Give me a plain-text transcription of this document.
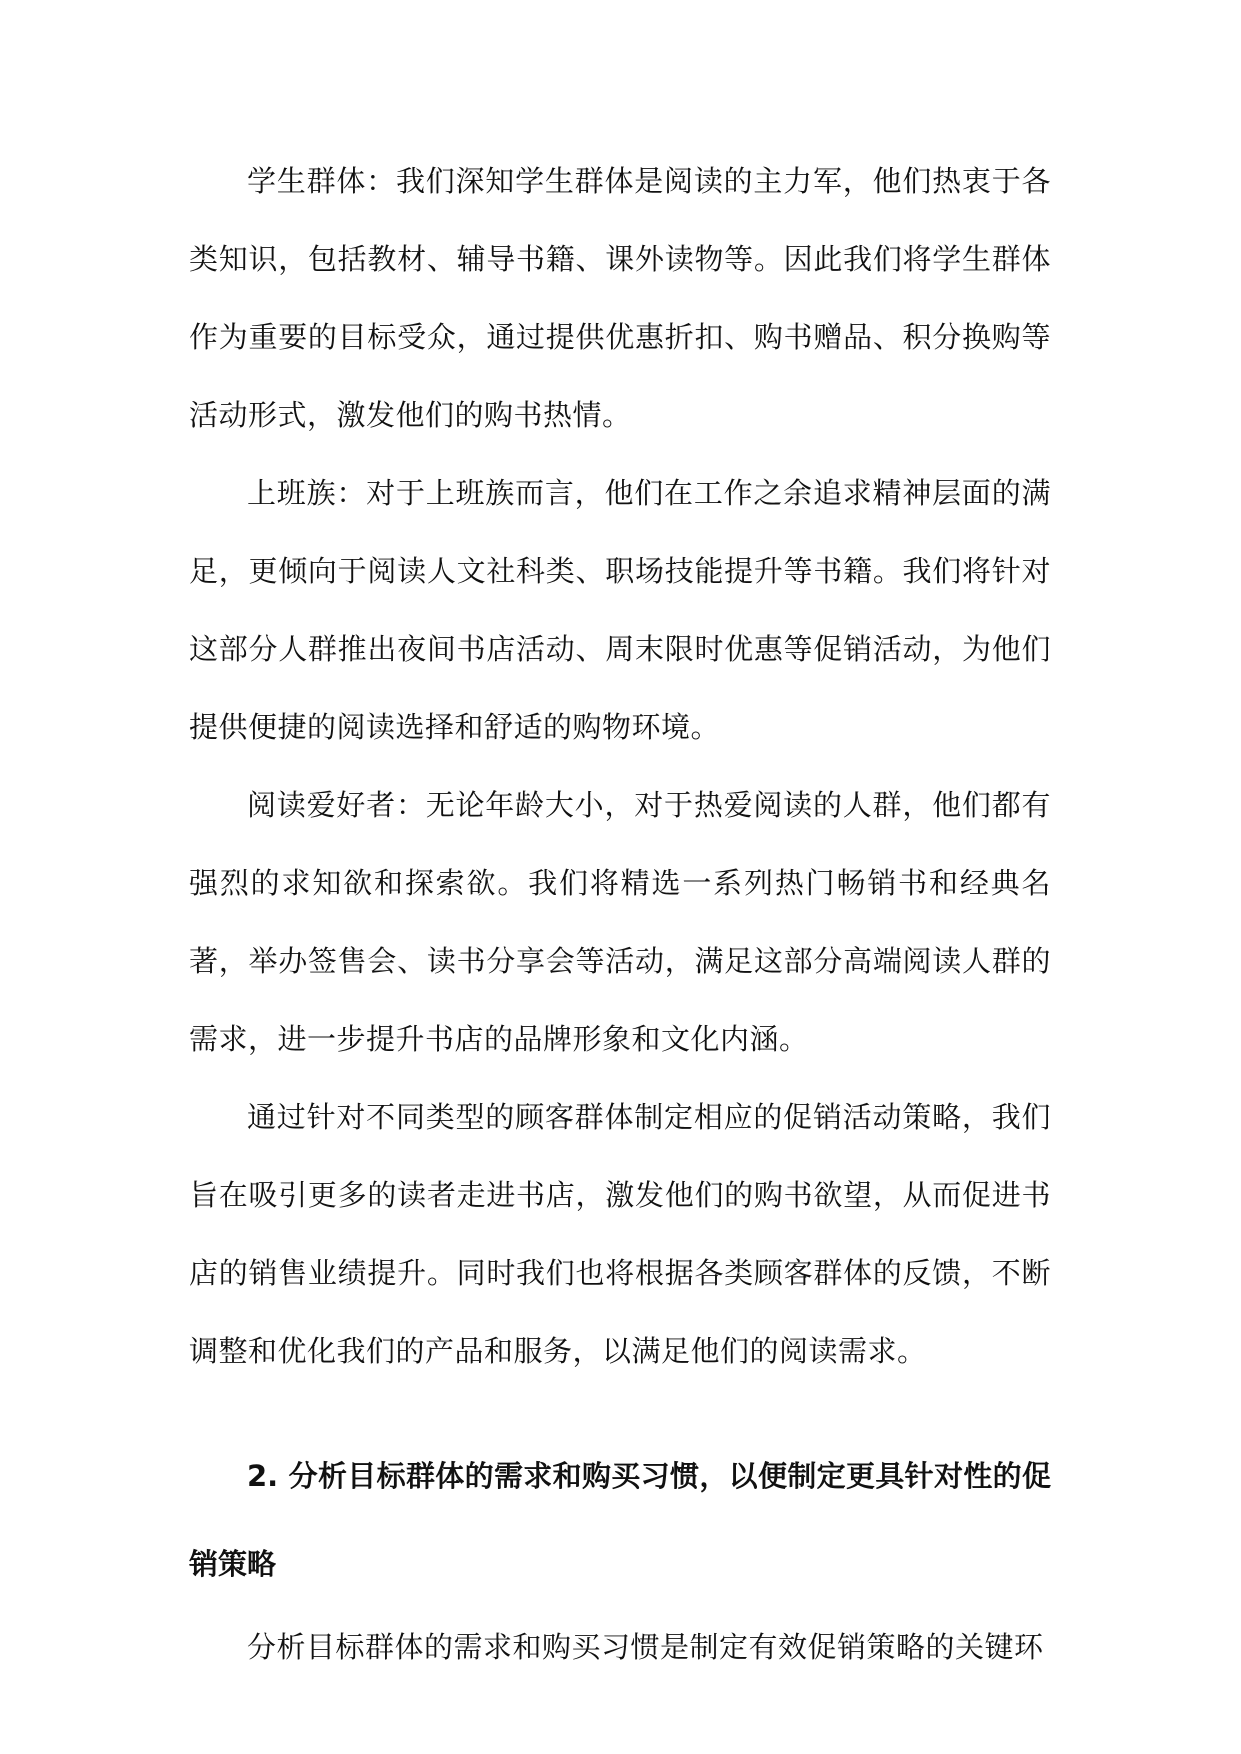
学生群体：我们深知学生群体是阅读的主力军，他们热衷于各类知识，包括教材、辅导书籍、课外读物等。因此我们将学生群体作为重要的目标受众，通过提供优惠折扣、购书赠品、积分换购等活动形式，激发他们的购书热情。

上班族：对于上班族而言，他们在工作之余追求精神层面的满足，更倾向于阅读人文社科类、职场技能提升等书籍。我们将针对这部分人群推出夜间书店活动、周末限时优惠等促销活动，为他们提供便捷的阅读选择和舒适的购物环境。

阅读爱好者：无论年龄大小，对于热爱阅读的人群，他们都有强烈的求知欲和探索欲。我们将精选一系列热门畅销书和经典名著，举办签售会、读书分享会等活动，满足这部分高端阅读人群的需求，进一步提升书店的品牌形象和文化内涵。

通过针对不同类型的顾客群体制定相应的促销活动策略，我们旨在吸引更多的读者走进书店，激发他们的购书欲望，从而促进书店的销售业绩提升。同时我们也将根据各类顾客群体的反馈，不断调整和优化我们的产品和服务，以满足他们的阅读需求。

2. 分析目标群体的需求和购买习惯，以便制定更具针对性的促销策略

分析目标群体的需求和购买习惯是制定有效促销策略的关键环
